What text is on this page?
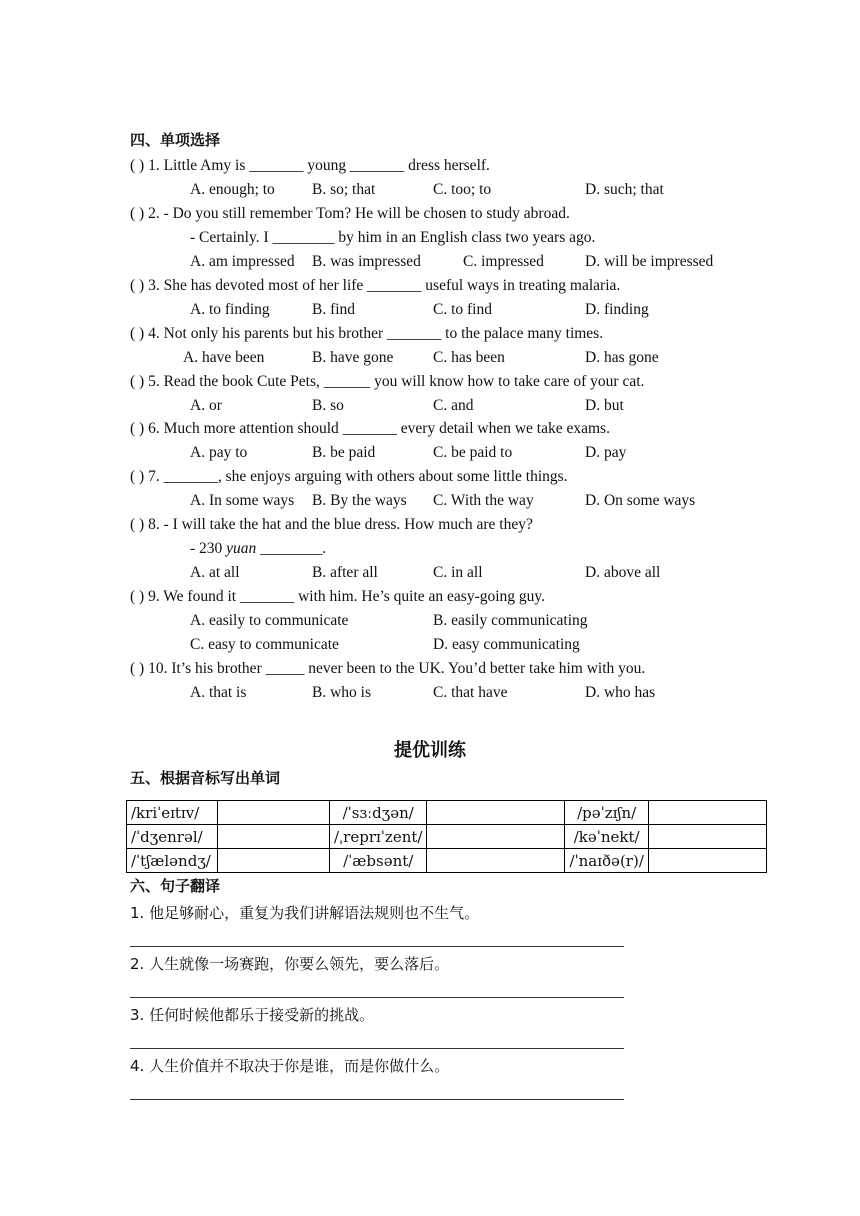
四、单项选择
( ) 1. Little Amy is _______ young _______ dress herself.
A. enough; to B. so; that	C. too; to	D. such; that
( ) 2. - Do you still remember Tom? He will be chosen to study abroad.
- Certainly. I ________ by him in an English class two years ago.
A. am impressed B. was impressed	C. impressed	D. will be impressed
( ) 3. She has devoted most of her life _______ useful ways in treating malaria.
A. to finding	B. find	C. to find	D. finding
( ) 4. Not only his parents but his brother _______ to the palace many times.
A. have been	B. have gone	C. has been	D. has gone
( ) 5. Read the book Cute Pets, ______ you will know how to take care of your cat.
A. or	B. so	C. and	D. but
( ) 6. Much more attention should _______ every detail when we take exams.
A. pay to	B. be paid	C. be paid to	D. pay
( ) 7. _______, she enjoys arguing with others about some little things.
A. In some ways B. By the ways C. With the way	D. On some ways
( ) 8. - I will take the hat and the blue dress. How much are they?
- 230 yuan ________.
A. at all	B. after all	C. in all	D. above all
( ) 9. We found it _______ with him. He’s quite an easy-going guy.
A. easily to communicate	B. easily communicating
C. easy to communicate	D. easy communicating
( ) 10. It’s his brother _____ never been to the UK. You’d better take him with you.
A. that is	B. who is	C. that have	D. who has
提优训练
五、根据音标写出单词
/kriˈeɪtɪv/		/ˈsɜːdʒən/		/pəˈzɪʃn/	
/ˈdʒenrəl/		/ˌreprɪˈzent/		/kəˈnekt/	
/ˈtʃæləndʒ/		/ˈæbsənt/		/ˈnaɪðə(r)/	
六、句子翻译
1. 他足够耐心，重复为我们讲解语法规则也不生气。
2. 人生就像一场赛跑，你要么领先，要么落后。
3. 任何时候他都乐于接受新的挑战。
4. 人生价值并不取决于你是谁，而是你做什么。
